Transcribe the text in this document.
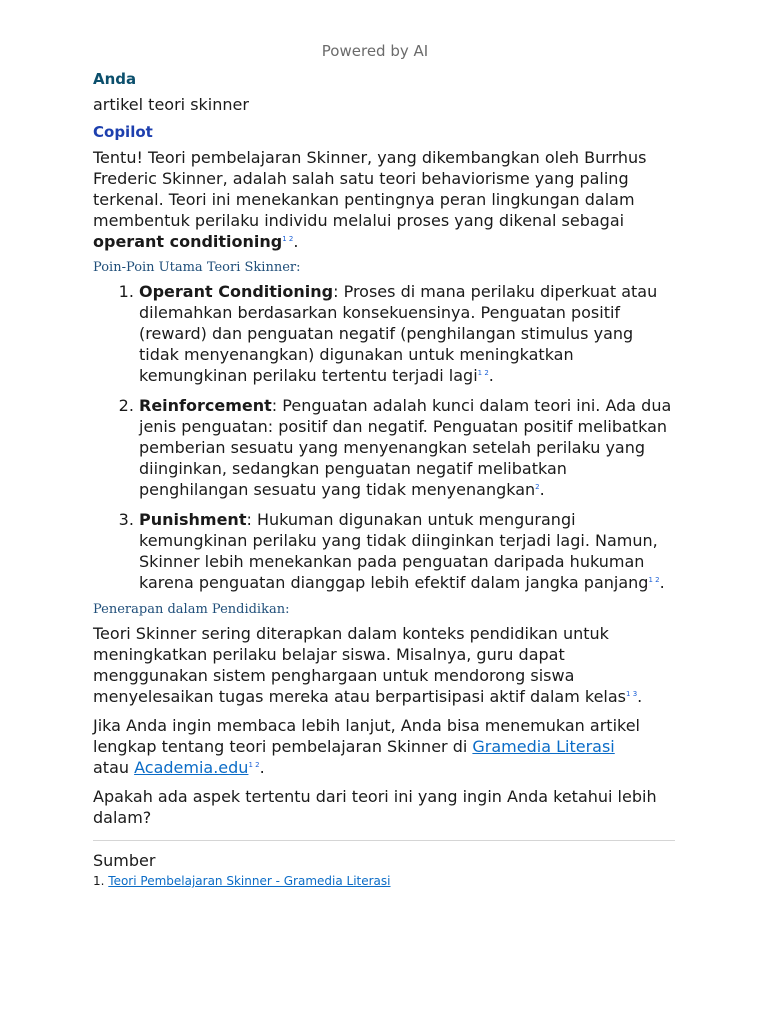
Powered by AI
Anda

artikel teori skinner

Copilot

Tentu! Teori pembelajaran Skinner, yang dikembangkan oleh Burrhus Frederic Skinner, adalah salah satu teori behaviorisme yang paling terkenal. Teori ini menekankan pentingnya peran lingkungan dalam membentuk perilaku individu melalui proses yang dikenal sebagai operant conditioning$^{1 2}$.

Poin-Poin Utama Teori Skinner:
1. Operant Conditioning: Proses di mana perilaku diperkuat atau dilemahkan berdasarkan konsekuensinya. Penguatan positif (reward) dan penguatan negatif (penghilangan stimulus yang tidak menyenangkan) digunakan untuk meningkatkan kemungkinan perilaku tertentu terjadi lagi$^{1 2}$.
2. Reinforcement: Penguatan adalah kunci dalam teori ini. Ada dua jenis penguatan: positif dan negatif. Penguatan positif melibatkan pemberian sesuatu yang menyenangkan setelah perilaku yang diinginkan, sedangkan penguatan negatif melibatkan penghilangan sesuatu yang tidak menyenangkan$^2$.
3. Punishment: Hukuman digunakan untuk mengurangi kemungkinan perilaku yang tidak diinginkan terjadi lagi. Namun, Skinner lebih menekankan pada penguatan daripada hukuman karena penguatan dianggap lebih efektif dalam jangka panjang$^{1 2}$.
Penerapan dalam Pendidikan:

Teori Skinner sering diterapkan dalam konteks pendidikan untuk meningkatkan perilaku belajar siswa. Misalnya, guru dapat menggunakan sistem penghargaan untuk mendorong siswa menyelesaikan tugas mereka atau berpartisipasi aktif dalam kelas$^{1 3}$.

Jika Anda ingin membaca lebih lanjut, Anda bisa menemukan artikel lengkap tentang teori pembelajaran Skinner di Gramedia Literasi
atau Academia.edu$^{1 2}$.

Apakah ada aspek tertentu dari teori ini yang ingin Anda ketahui lebih dalam?

Sumber

1. Teori Pembelajaran Skinner - Gramedia Literasi
